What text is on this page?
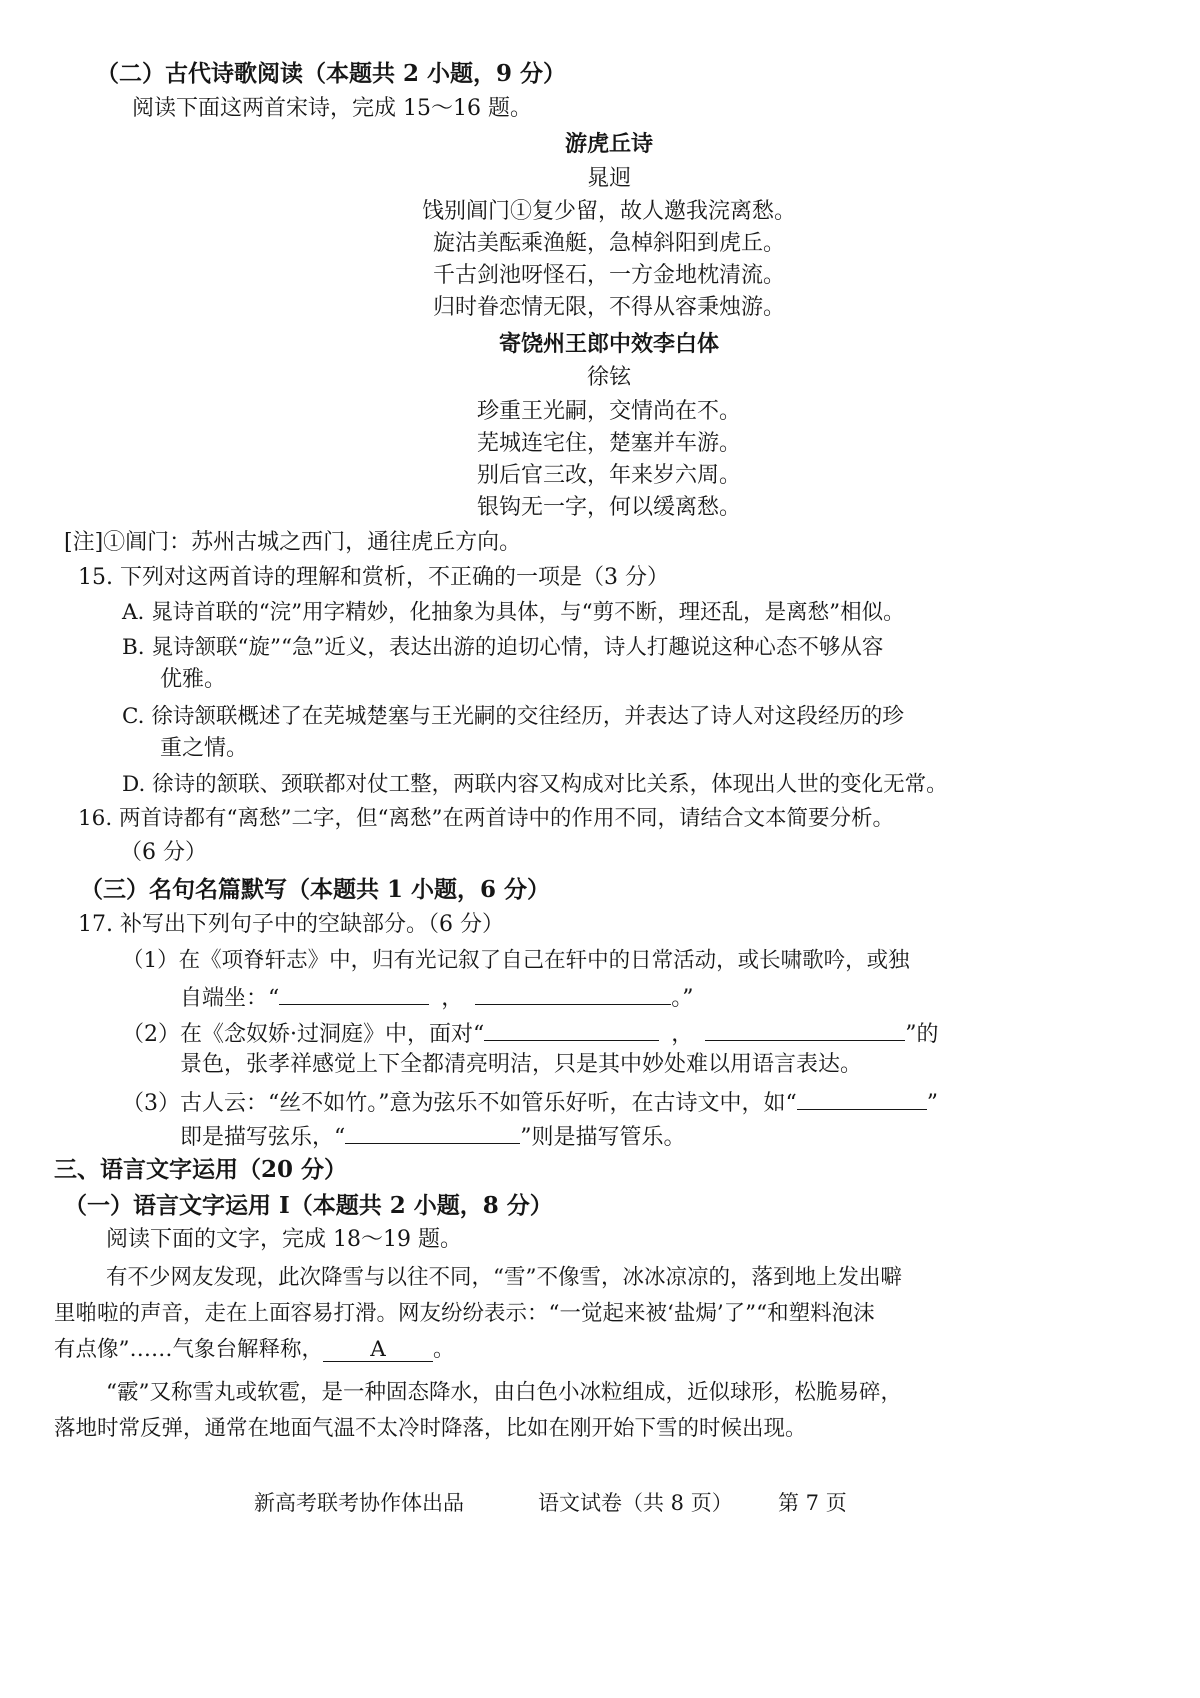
（二）古代诗歌阅读（本题共 2 小题，9 分）
阅读下面这两首宋诗，完成 15～16 题。
游虎丘诗
晁迥
饯别阊门①复少留，故人邀我浣离愁。
旋沽美酝乘渔艇，急棹斜阳到虎丘。
千古剑池呀怪石，一方金地枕清流。
归时眷恋情无限，不得从容秉烛游。
寄饶州王郎中效李白体
徐铉
珍重王光嗣，交情尚在不。
芜城连宅住，楚塞并车游。
别后官三改，年来岁六周。
银钩无一字，何以缓离愁。
[注]①阊门：苏州古城之西门，通往虎丘方向。
15. 下列对这两首诗的理解和赏析，不正确的一项是（3 分）
A. 晁诗首联的“浣”用字精妙，化抽象为具体，与“剪不断，理还乱，是离愁”相似。
B. 晁诗颔联“旋”“急”近义，表达出游的迫切心情，诗人打趣说这种心态不够从容
优雅。
C. 徐诗颔联概述了在芜城楚塞与王光嗣的交往经历，并表达了诗人对这段经历的珍
重之情。
D. 徐诗的颔联、颈联都对仗工整，两联内容又构成对比关系，体现出人世的变化无常。
16. 两首诗都有“离愁”二字，但“离愁”在两首诗中的作用不同，请结合文本简要分析。
（6 分）
（三）名句名篇默写（本题共 1 小题，6 分）
17. 补写出下列句子中的空缺部分。（6 分）
（1）在《项脊轩志》中，归有光记叙了自己在轩中的日常活动，或长啸歌吟，或独
自端坐：“	，	。”
（2）在《念奴娇·过洞庭》中，面对“	，	”的
景色，张孝祥感觉上下全都清亮明洁，只是其中妙处难以用语言表达。
（3）古人云：“丝不如竹。”意为弦乐不如管乐好听，在古诗文中，如“	”
即是描写弦乐，“	”则是描写管乐。
三、语言文字运用（20 分）
（一）语言文字运用 Ⅰ（本题共 2 小题，8 分）
阅读下面的文字，完成 18～19 题。
有不少网友发现，此次降雪与以往不同，“雪”不像雪，冰冰凉凉的，落到地上发出噼
里啪啦的声音，走在上面容易打滑。网友纷纷表示：“一觉起来被‘盐焗’了”“和塑料泡沫
有点像”……气象台解释称， A 。
“霰”又称雪丸或软雹，是一种固态降水，由白色小冰粒组成，近似球形，松脆易碎，
落地时常反弹，通常在地面气温不太冷时降落，比如在刚开始下雪的时候出现。
新高考联考协作体出品	语文试卷（共 8 页） 第 7 页
